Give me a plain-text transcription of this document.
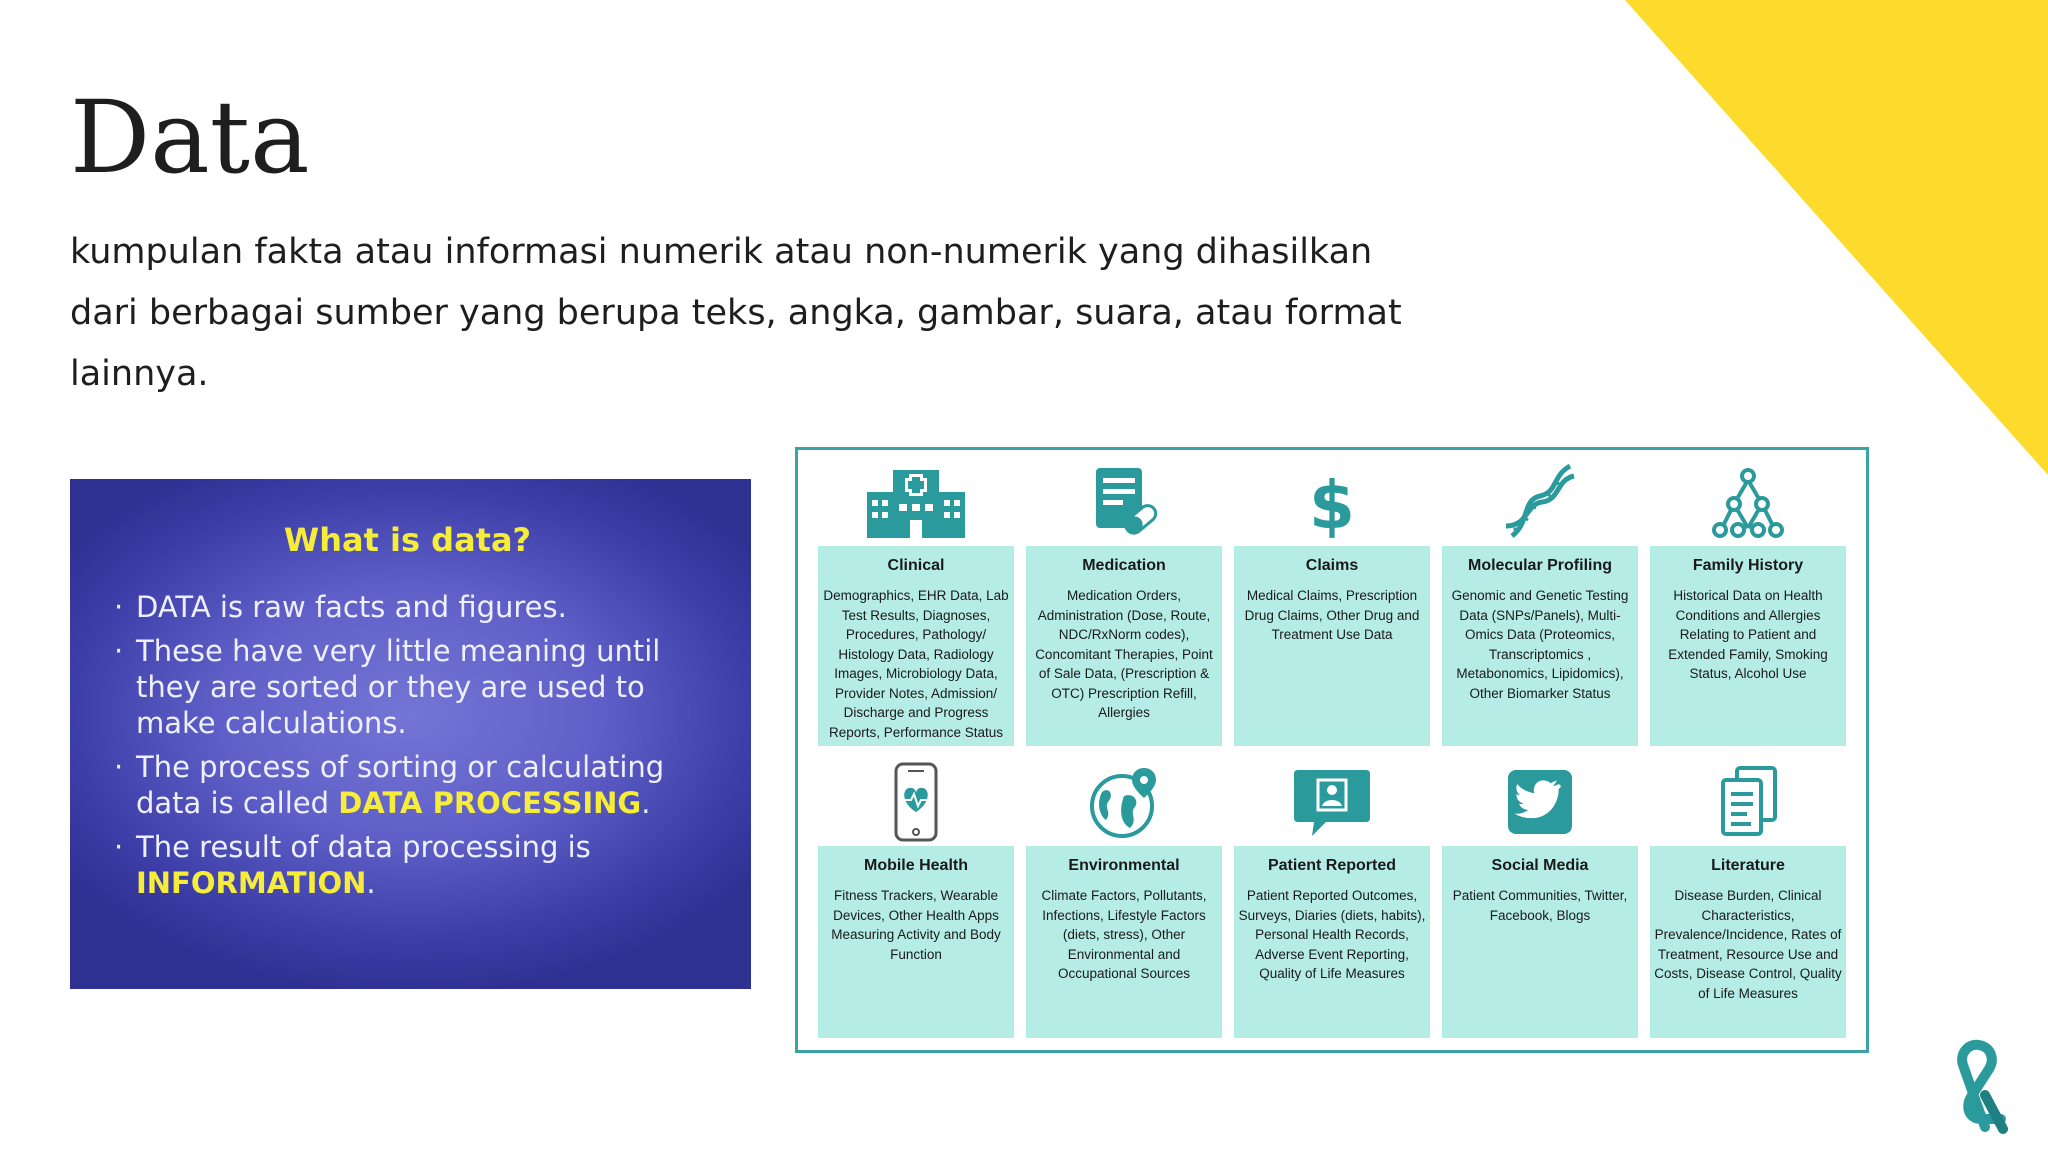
Data

kumpulan fakta atau informasi numerik atau non-numerik yang dihasilkan
dari berbagai sumber yang berupa teks, angka, gambar, suara, atau format
lainnya.

What is data?
· DATA is raw facts and figures.
· These have very little meaning until they are sorted or they are used to make calculations.
· The process of sorting or calculating data is called DATA PROCESSING.
· The result of data processing is INFORMATION.

Clinical

Demographics, EHR Data, Lab Test Results, Diagnoses, Procedures, Pathology/ Histology Data, Radiology Images, Microbiology Data, Provider Notes, Admission/ Discharge and Progress Reports, Performance Status

Medication

Medication Orders, Administration (Dose, Route, NDC/RxNorm codes), Concomitant Therapies, Point of Sale Data, (Prescription & OTC) Prescription Refill, Allergies

$

Claims

Medical Claims, Prescription Drug Claims, Other Drug and Treatment Use Data

Molecular Profiling

Genomic and Genetic Testing Data (SNPs/Panels), Multi-Omics Data (Proteomics, Transcriptomics , Metabonomics, Lipidomics), Other Biomarker Status

Family History

Historical Data on Health Conditions and Allergies Relating to Patient and Extended Family, Smoking Status, Alcohol Use

Mobile Health

Fitness Trackers, Wearable Devices, Other Health Apps Measuring Activity and Body Function

Environmental

Climate Factors, Pollutants, Infections, Lifestyle Factors (diets, stress), Other Environmental and Occupational Sources

Patient Reported

Patient Reported Outcomes, Surveys, Diaries (diets, habits), Personal Health Records, Adverse Event Reporting, Quality of Life Measures

Social Media

Patient Communities, Twitter, Facebook, Blogs

Literature

Disease Burden, Clinical Characteristics, Prevalence/Incidence, Rates of Treatment, Resource Use and Costs, Disease Control, Quality of Life Measures
